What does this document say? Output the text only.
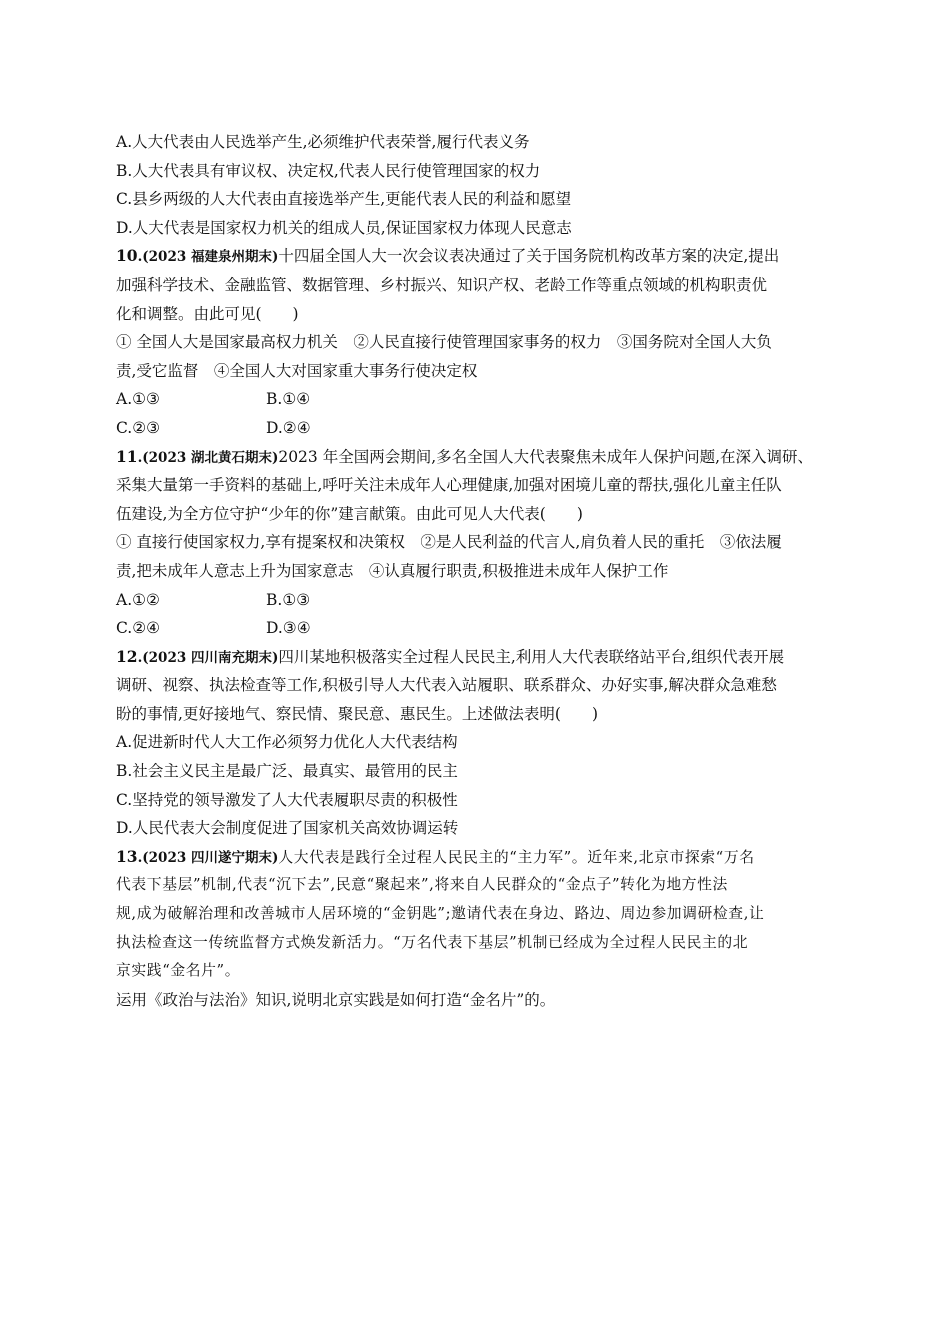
A.人大代表由人民选举产生,必须维护代表荣誉,履行代表义务
B.人大代表具有审议权、决定权,代表人民行使管理国家的权力
C.县乡两级的人大代表由直接选举产生,更能代表人民的利益和愿望
D.人大代表是国家权力机关的组成人员,保证国家权力体现人民意志
10.(2023 福建泉州期末)十四届全国人大一次会议表决通过了关于国务院机构改革方案的决定,提出
加强科学技术、金融监管、数据管理、乡村振兴、知识产权、老龄工作等重点领域的机构职责优
化和调整。由此可见(　　)
① 全国人大是国家最高权力机关　②人民直接行使管理国家事务的权力　③国务院对全国人大负
责,受它监督　④全国人大对国家重大事务行使决定权
A.①③	B.①④
C.②③	D.②④
11.(2023 湖北黄石期末)2023 年全国两会期间,多名全国人大代表聚焦未成年人保护问题,在深入调研、
采集大量第一手资料的基础上,呼吁关注未成年人心理健康,加强对困境儿童的帮扶,强化儿童主任队
伍建设,为全方位守护“少年的你”建言献策。由此可见人大代表(　　)
① 直接行使国家权力,享有提案权和决策权　②是人民利益的代言人,肩负着人民的重托　③依法履
责,把未成年人意志上升为国家意志　④认真履行职责,积极推进未成年人保护工作
A.①②	B.①③
C.②④	D.③④
12.(2023 四川南充期末)四川某地积极落实全过程人民民主,利用人大代表联络站平台,组织代表开展
调研、视察、执法检查等工作,积极引导人大代表入站履职、联系群众、办好实事,解决群众急难愁
盼的事情,更好接地气、察民情、聚民意、惠民生。上述做法表明(　　)
A.促进新时代人大工作必须努力优化人大代表结构
B.社会主义民主是最广泛、最真实、最管用的民主
C.坚持党的领导激发了人大代表履职尽责的积极性
D.人民代表大会制度促进了国家机关高效协调运转
13.(2023 四川遂宁期末)人大代表是践行全过程人民民主的“主力军”。近年来,北京市探索“万名
代表下基层”机制,代表“沉下去”,民意“聚起来”,将来自人民群众的“金点子”转化为地方性法
规,成为破解治理和改善城市人居环境的“金钥匙”;邀请代表在身边、路边、周边参加调研检查,让
执法检查这一传统监督方式焕发新活力。“万名代表下基层”机制已经成为全过程人民民主的北
京实践“金名片”。
运用《政治与法治》知识,说明北京实践是如何打造“金名片”的。
